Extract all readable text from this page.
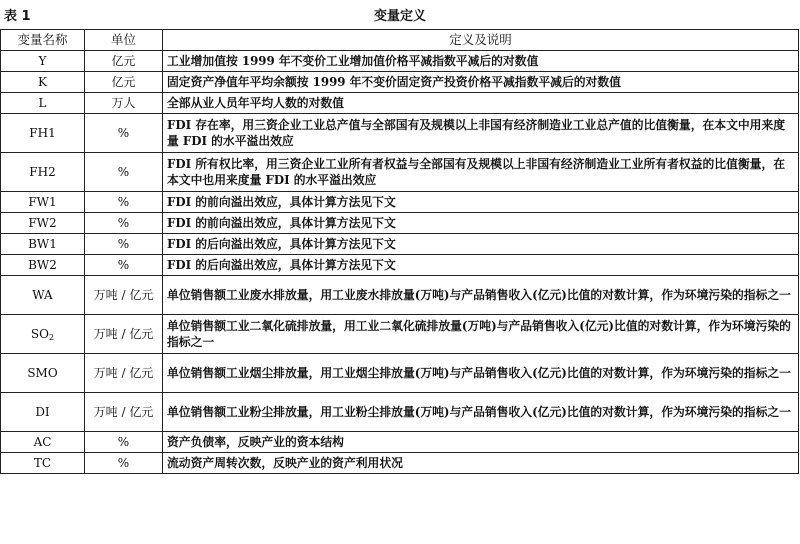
表 1	变量定义
变量名称	单位	定义及说明
Y	亿元	工业增加值按 1999 年不变价工业增加值价格平减指数平减后的对数值
K	亿元	固定资产净值年平均余额按 1999 年不变价固定资产投资价格平减指数平减后的对数值
L	万人	全部从业人员年平均人数的对数值
FH1	%	FDI 存在率，用三资企业工业总产值与全部国有及规模以上非国有经济制造业工业总产值的比值衡量，在本文中用来度量 FDI 的水平溢出效应
FH2	%	FDI 所有权比率，用三资企业工业所有者权益与全部国有及规模以上非国有经济制造业工业所有者权益的比值衡量，在本文中也用来度量 FDI 的水平溢出效应
FW1	%	FDI 的前向溢出效应，具体计算方法见下文
FW2	%	FDI 的前向溢出效应，具体计算方法见下文
BW1	%	FDI 的后向溢出效应，具体计算方法见下文
BW2	%	FDI 的后向溢出效应，具体计算方法见下文
WA	万吨 / 亿元	单位销售额工业废水排放量，用工业废水排放量(万吨)与产品销售收入(亿元)比值的对数计算，作为环境污染的指标之一
$SO_2$	万吨 / 亿元	单位销售额工业二氧化硫排放量，用工业二氧化硫排放量(万吨)与产品销售收入(亿元)比值的对数计算，作为环境污染的指标之一
SMO	万吨 / 亿元	单位销售额工业烟尘排放量，用工业烟尘排放量(万吨)与产品销售收入(亿元)比值的对数计算，作为环境污染的指标之一
DI	万吨 / 亿元	单位销售额工业粉尘排放量，用工业粉尘排放量(万吨)与产品销售收入(亿元)比值的对数计算，作为环境污染的指标之一
AC	%	资产负债率，反映产业的资本结构
TC	%	流动资产周转次数，反映产业的资产利用状况
